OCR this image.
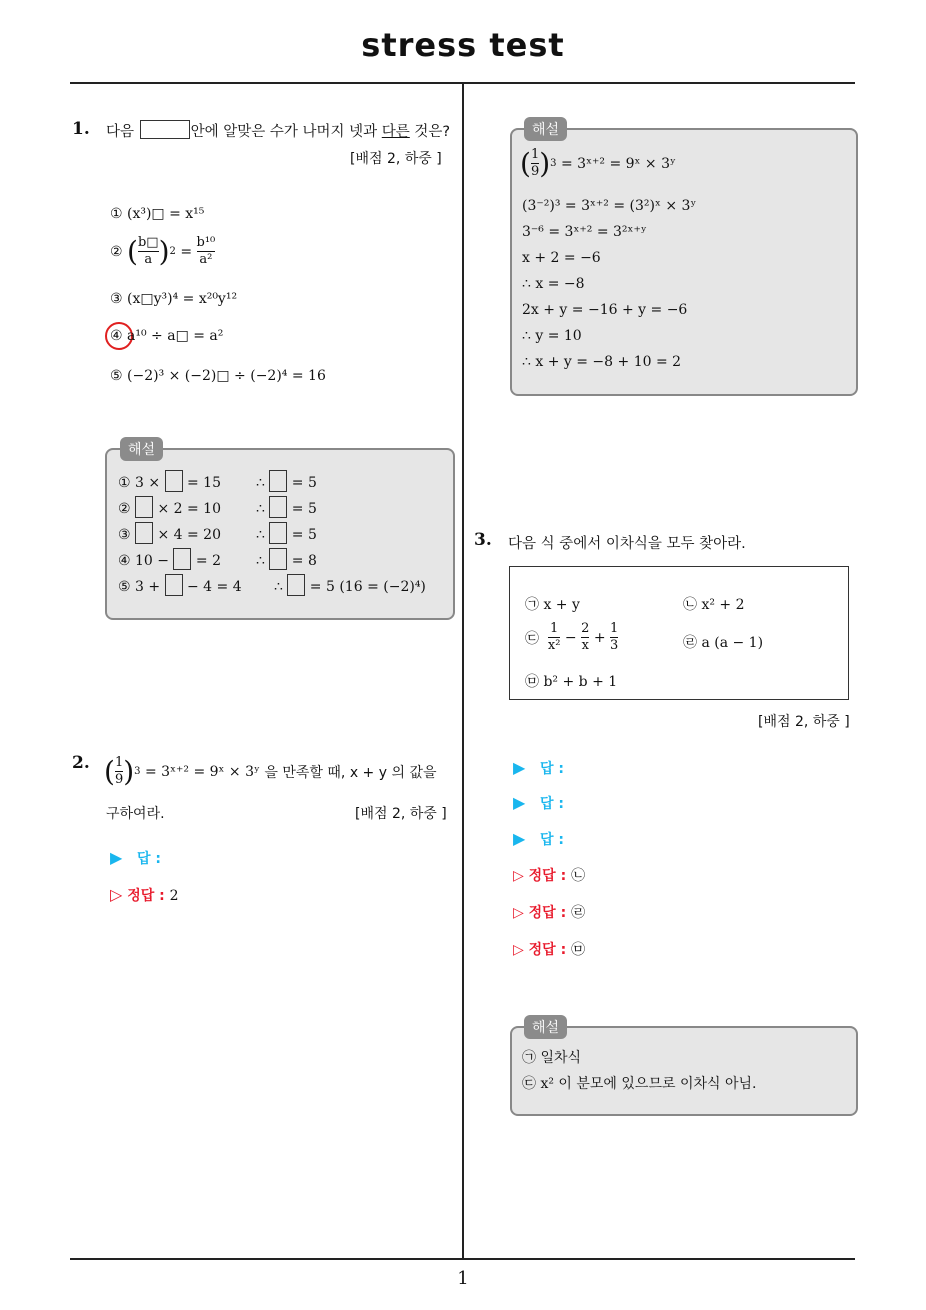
stress test
1
1. 다음	안에 알맞은 수가 나머지 넷과 다른 것은?
[배점 2, 하중 ]
① (x³)□ = x¹⁵
②
( $\frac{b□}{a}$ ) $2 = \frac{\text{b¹⁰}}{\text{a²}}$
③ (x□y³)⁴ = x²⁰y¹²
④ a¹⁰ ÷ a□ = a²
⑤ (−2)³ × (−2)□ ÷ (−2)⁴ = 16
해설
① 3 ×  = 15	∴  = 5
②  × 2 = 10	∴  = 5
③  × 4 = 20	∴  = 5
④ 10 −  = 2	∴  = 8
⑤ 3 +  − 4 = 4 ∴  = 5 (16 = (−2)⁴)
2. ( $\frac{1}{9}$ ) 3
= 3ˣ⁺² = 9ˣ × 3ʸ
을 만족할 때, x + y 의 값을
구하여라.	[배점 2, 하중 ]
▶ 답 :
▷ 정답 : 2
해설
( $\frac{1}{9}$ ) 3
= 3ˣ⁺² = 9ˣ × 3ʸ
(3⁻²)³ = 3ˣ⁺² = (3²)ˣ × 3ʸ
3⁻⁶ = 3ˣ⁺² = 3²ˣ⁺ʸ
x + 2 = −6
∴ x = −8
2x + y = −16 + y = −6
∴ y = 10
∴ x + y = −8 + 10 = 2
3. 다음 식 중에서 이차식을 모두 찾아라.
㉠ x + y	㉡ x² + 2
㉢
$\frac{1}{\text{x²}}$
−
$\frac{2}{x}$
+
$\frac{1}{3}$	㉣ a (a − 1)
㉤ b² + b + 1
[배점 2, 하중 ]
▶ 답 :
▶ 답 :
▶ 답 :
▷ 정답 : ㉡
▷ 정답 : ㉣
▷ 정답 : ㉤
해설
㉠ 일차식
㉢ x² 이 분모에 있으므로 이차식 아님.
